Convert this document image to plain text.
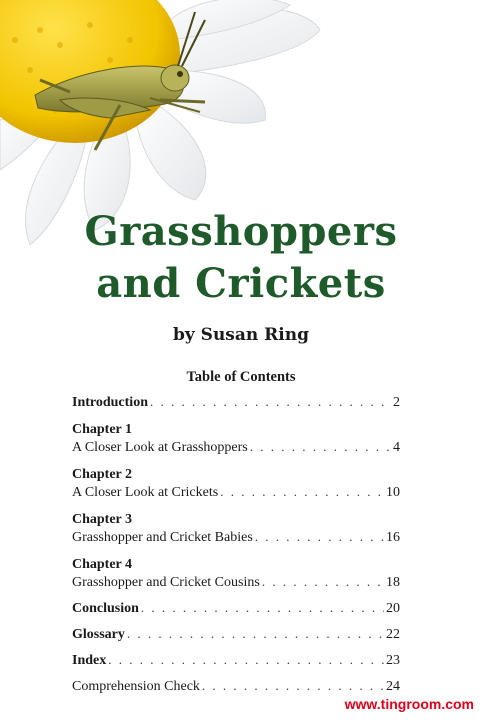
Grasshoppers
and Crickets
by Susan Ring
Table of Contents
Introduction . . .	2
Chapter 1
A Closer Look at Grasshoppers . . .	4
Chapter 2
A Closer Look at Crickets . . .	10
Chapter 3
Grasshopper and Cricket Babies . . .	16
Chapter 4
Grasshopper and Cricket Cousins . . .	18
Conclusion . . .	20
Glossary . . .	22
Index . . .	23
Comprehension Check . . .	24
www.tingroom.com
